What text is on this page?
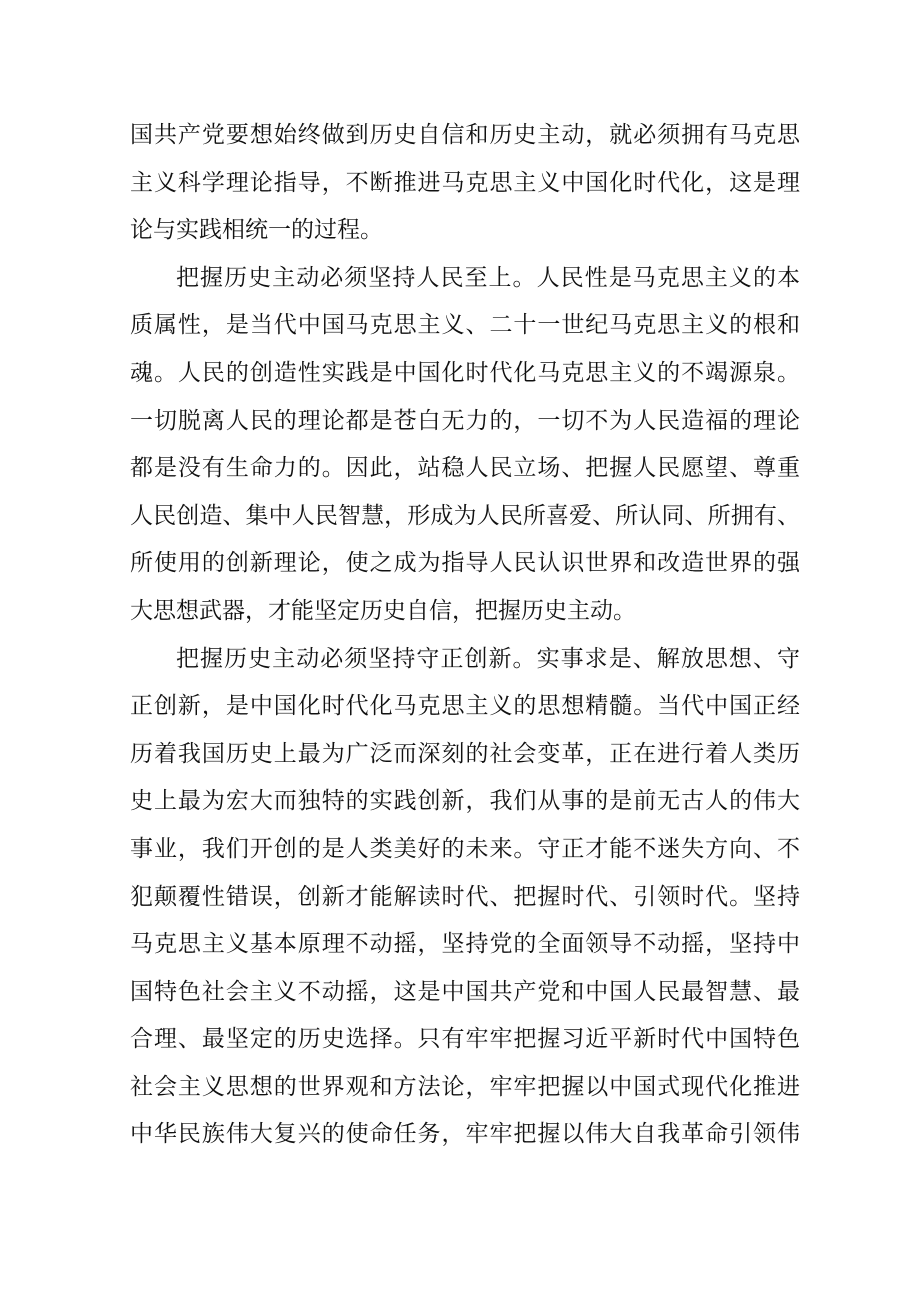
国共产党要想始终做到历史自信和历史主动，就必须拥有马克思
主义科学理论指导，不断推进马克思主义中国化时代化，这是理
论与实践相统一的过程。
把握历史主动必须坚持人民至上。人民性是马克思主义的本
质属性，是当代中国马克思主义、二十一世纪马克思主义的根和
魂。人民的创造性实践是中国化时代化马克思主义的不竭源泉。
一切脱离人民的理论都是苍白无力的，一切不为人民造福的理论
都是没有生命力的。因此，站稳人民立场、把握人民愿望、尊重
人民创造、集中人民智慧，形成为人民所喜爱、所认同、所拥有、
所使用的创新理论，使之成为指导人民认识世界和改造世界的强
大思想武器，才能坚定历史自信，把握历史主动。
把握历史主动必须坚持守正创新。实事求是、解放思想、守
正创新，是中国化时代化马克思主义的思想精髓。当代中国正经
历着我国历史上最为广泛而深刻的社会变革，正在进行着人类历
史上最为宏大而独特的实践创新，我们从事的是前无古人的伟大
事业，我们开创的是人类美好的未来。守正才能不迷失方向、不
犯颠覆性错误，创新才能解读时代、把握时代、引领时代。坚持
马克思主义基本原理不动摇，坚持党的全面领导不动摇，坚持中
国特色社会主义不动摇，这是中国共产党和中国人民最智慧、最
合理、最坚定的历史选择。只有牢牢把握习近平新时代中国特色
社会主义思想的世界观和方法论，牢牢把握以中国式现代化推进
中华民族伟大复兴的使命任务，牢牢把握以伟大自我革命引领伟
